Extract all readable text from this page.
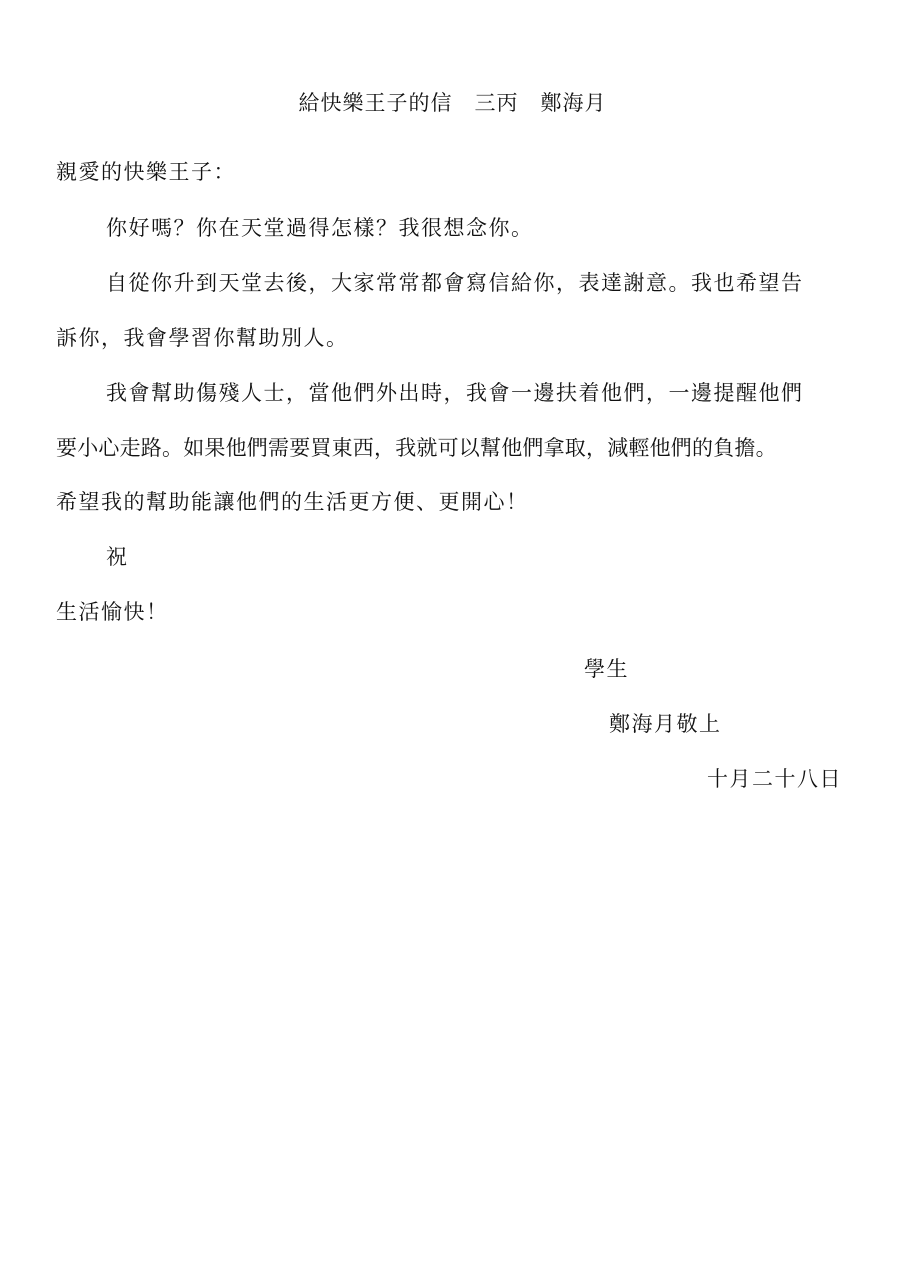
給快樂王子的信　三丙　鄭海月
親愛的快樂王子：
你好嗎？你在天堂過得怎樣？我很想念你。
自從你升到天堂去後，大家常常都會寫信給你，表達謝意。我也希望告
訴你，我會學習你幫助別人。
我會幫助傷殘人士，當他們外出時，我會一邊扶着他們，一邊提醒他們
要小心走路。如果他們需要買東西，我就可以幫他們拿取，減輕他們的負擔。
希望我的幫助能讓他們的生活更方便、更開心！
祝
生活愉快！
學生
鄭海月敬上
十月二十八日
